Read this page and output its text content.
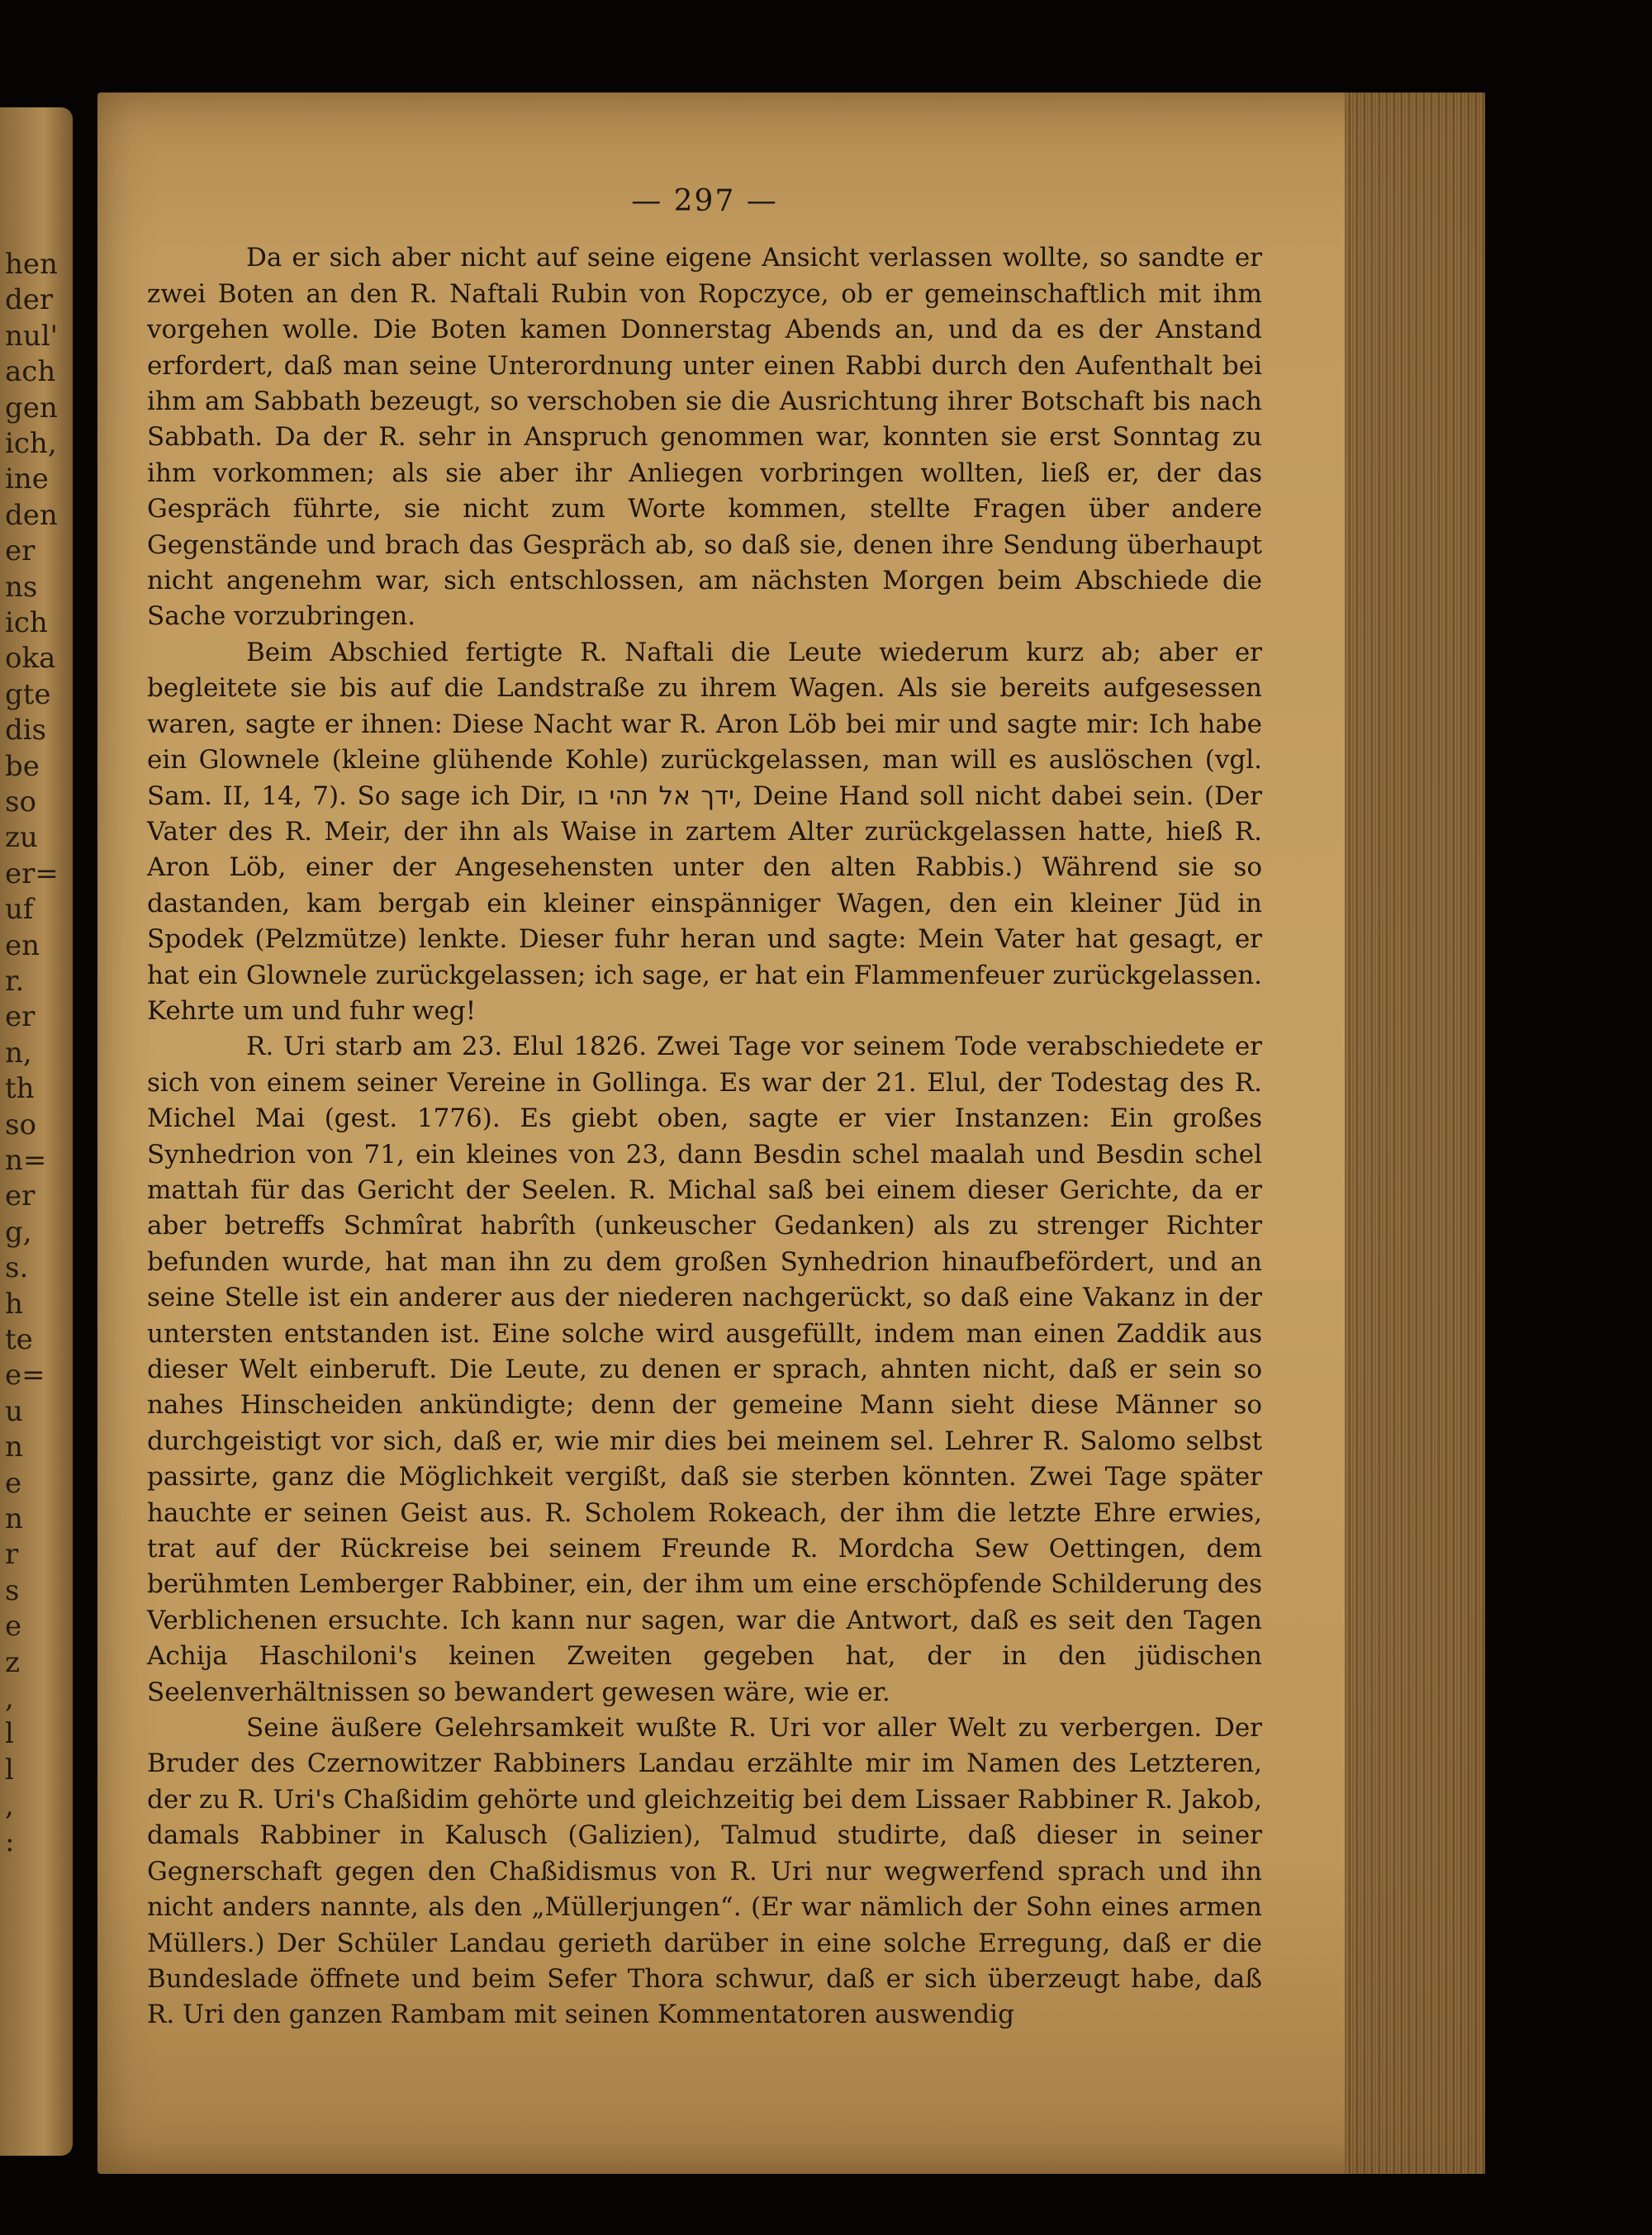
hen
der
nul'
ach
gen
ich,
ine
den
er
ns
ich
oka
gte
dis
be
so
zu
er=
uf
en
r.
er
n,
th
so
n=
er
g,
s.
h
te
e=
u
n
e
n
r
s
e
z
,
l
l
,
:
— 297 —

Da er sich aber nicht auf seine eigene Ansicht verlassen wollte, so sandte er zwei Boten an den R. Naftali Rubin von Ropczyce, ob er gemeinschaftlich mit ihm vorgehen wolle. Die Boten kamen Donnerstag Abends an, und da es der Anstand erfordert, daß man seine Unterordnung unter einen Rabbi durch den Aufenthalt bei ihm am Sabbath bezeugt, so verschoben sie die Ausrichtung ihrer Botschaft bis nach Sabbath. Da der R. sehr in Anspruch genommen war, konnten sie erst Sonntag zu ihm vorkommen; als sie aber ihr Anliegen vorbringen wollten, ließ er, der das Gespräch führte, sie nicht zum Worte kommen, stellte Fragen über andere Gegenstände und brach das Gespräch ab, so daß sie, denen ihre Sendung überhaupt nicht angenehm war, sich entschlossen, am nächsten Morgen beim Abschiede die Sache vorzubringen.

Beim Abschied fertigte R. Naftali die Leute wiederum kurz ab; aber er begleitete sie bis auf die Landstraße zu ihrem Wagen. Als sie bereits aufgesessen waren, sagte er ihnen: Diese Nacht war R. Aron Löb bei mir und sagte mir: Ich habe ein Glownele (kleine glühende Kohle) zurückgelassen, man will es auslöschen (vgl. Sam. II, 14, 7). So sage ich Dir, ידך אל תהי בו, Deine Hand soll nicht dabei sein. (Der Vater des R. Meir, der ihn als Waise in zartem Alter zurückgelassen hatte, hieß R. Aron Löb, einer der Angesehensten unter den alten Rabbis.) Während sie so dastanden, kam bergab ein kleiner einspänniger Wagen, den ein kleiner Jüd in Spodek (Pelzmütze) lenkte. Dieser fuhr heran und sagte: Mein Vater hat gesagt, er hat ein Glownele zurückgelassen; ich sage, er hat ein Flammenfeuer zurückgelassen. Kehrte um und fuhr weg!

R. Uri starb am 23. Elul 1826. Zwei Tage vor seinem Tode verabschiedete er sich von einem seiner Vereine in Gollinga. Es war der 21. Elul, der Todestag des R. Michel Mai (gest. 1776). Es giebt oben, sagte er vier Instanzen: Ein großes Synhedrion von 71, ein kleines von 23, dann Besdin schel maalah und Besdin schel mattah für das Gericht der Seelen. R. Michal saß bei einem dieser Gerichte, da er aber betreffs Schmîrat habrîth (unkeuscher Gedanken) als zu strenger Richter befunden wurde, hat man ihn zu dem großen Synhedrion hinaufbefördert, und an seine Stelle ist ein anderer aus der niederen nachgerückt, so daß eine Vakanz in der untersten entstanden ist. Eine solche wird ausgefüllt, indem man einen Zaddik aus dieser Welt einberuft. Die Leute, zu denen er sprach, ahnten nicht, daß er sein so nahes Hinscheiden ankündigte; denn der gemeine Mann sieht diese Männer so durchgeistigt vor sich, daß er, wie mir dies bei meinem sel. Lehrer R. Salomo selbst passirte, ganz die Möglichkeit vergißt, daß sie sterben könnten. Zwei Tage später hauchte er seinen Geist aus. R. Scholem Rokeach, der ihm die letzte Ehre erwies, trat auf der Rückreise bei seinem Freunde R. Mordcha Sew Oettingen, dem berühmten Lemberger Rabbiner, ein, der ihm um eine erschöpfende Schilderung des Verblichenen ersuchte. Ich kann nur sagen, war die Antwort, daß es seit den Tagen Achija Haschiloni's keinen Zweiten gegeben hat, der in den jüdischen Seelenverhältnissen so bewandert gewesen wäre, wie er.

Seine äußere Gelehrsamkeit wußte R. Uri vor aller Welt zu verbergen. Der Bruder des Czernowitzer Rabbiners Landau erzählte mir im Namen des Letzteren, der zu R. Uri's Chaßidim gehörte und gleichzeitig bei dem Lissaer Rabbiner R. Jakob, damals Rabbiner in Kalusch (Galizien), Talmud studirte, daß dieser in seiner Gegnerschaft gegen den Chaßidismus von R. Uri nur wegwerfend sprach und ihn nicht anders nannte, als den „Müllerjungen“. (Er war nämlich der Sohn eines armen Müllers.) Der Schüler Landau gerieth darüber in eine solche Erregung, daß er die Bundeslade öffnete und beim Sefer Thora schwur, daß er sich überzeugt habe, daß R. Uri den ganzen Rambam mit seinen Kommentatoren auswendig
